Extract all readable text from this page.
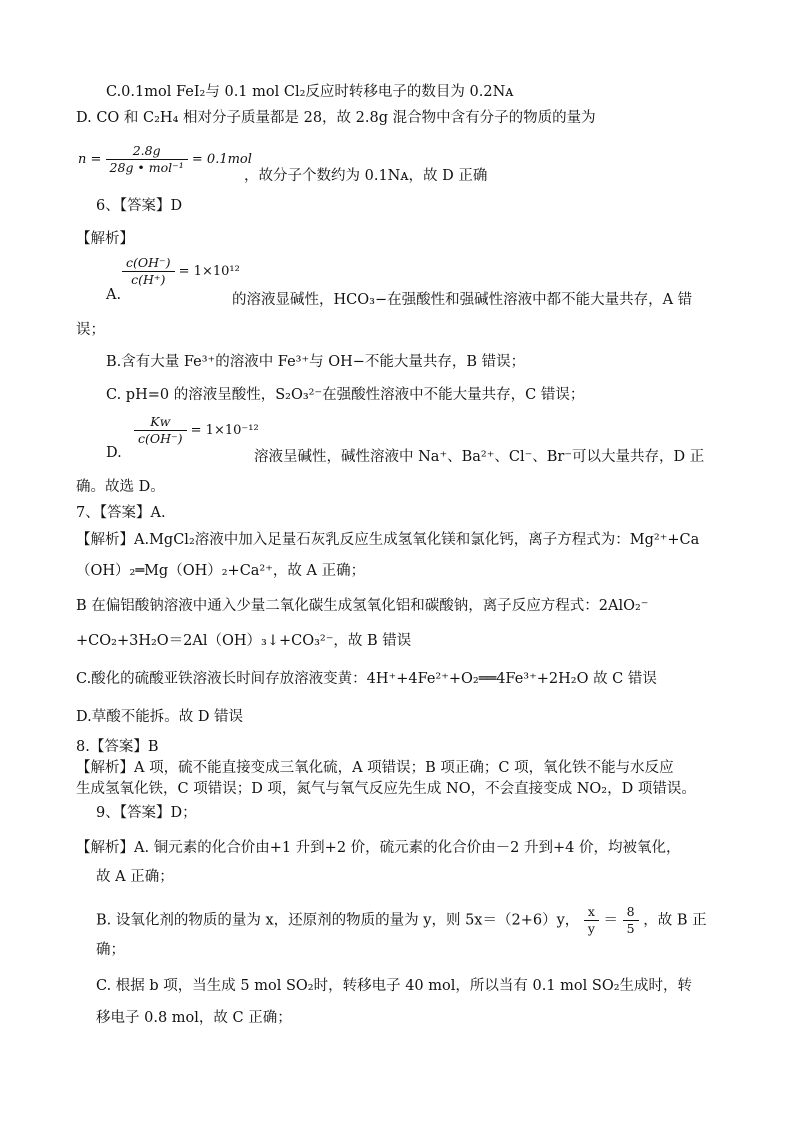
C.0.1mol FeI₂与 0.1 mol Cl₂反应时转移电子的数目为 0.2Nᴀ
D. CO 和 C₂H₄ 相对分子质量都是 28，故 2.8g 混合物中含有分子的物质的量为
$n = \frac{2.8g}{\text{28g • mol⁻¹}} = 0.1mol$
，故分子个数约为 0.1Nᴀ，故 D 正确
6、【答案】D
【解析】
A.
$\frac{c(OH^-)}{c(H^+)} = 1\times 10^{12}$
的溶液显碱性，HCO₃−在强酸性和强碱性溶液中都不能大量共存，A 错
误；
B.含有大量 Fe³⁺的溶液中 Fe³⁺与 OH−不能大量共存，B 错误；
C. pH=0 的溶液呈酸性，S₂O₃²⁻在强酸性溶液中不能大量共存，C 错误；
D.
$\frac{\text{Kᴡ}}{c(OH^-)} = 1\times 10^{-12}$
溶液呈碱性，碱性溶液中 Na⁺、Ba²⁺、Cl⁻、Br⁻可以大量共存，D 正
确。故选 D。
7、【答案】A.
【解析】A.MgCl₂溶液中加入足量石灰乳反应生成氢氧化镁和氯化钙，离子方程式为：Mg²⁺+Ca
（OH）₂═Mg（OH）₂+Ca²⁺，故 A 正确；
B 在偏铝酸钠溶液中通入少量二氧化碳生成氢氧化铝和碳酸钠，离子反应方程式：2AlO₂⁻
+CO₂+3H₂O＝2Al（OH）₃↓+CO₃²⁻，故 B 错误
C.酸化的硫酸亚铁溶液长时间存放溶液变黄：4H⁺+4Fe²⁺+O₂══4Fe³⁺+2H₂O 故 C 错误
D.草酸不能拆。故 D 错误
8.【答案】B
【解析】A 项，硫不能直接变成三氧化硫，A 项错误；B 项正确；C 项，氧化铁不能与水反应
生成氢氧化铁，C 项错误；D 项，氮气与氧气反应先生成 NO，不会直接变成 NO₂，D 项错误。
9、【答案】D；
【解析】A. 铜元素的化合价由+1 升到+2 价，硫元素的化合价由－2 升到+4 价，均被氧化，
故 A 正确；
B. 设氧化剂的物质的量为 x，还原剂的物质的量为 y，则 5x＝（2+6）y， $\frac{x}{y} = \frac{8}{5}$ ，故 B 正
确；
C. 根据 b 项，当生成 5 mol SO₂时，转移电子 40 mol，所以当有 0.1 mol SO₂生成时，转
移电子 0.8 mol，故 C 正确；
